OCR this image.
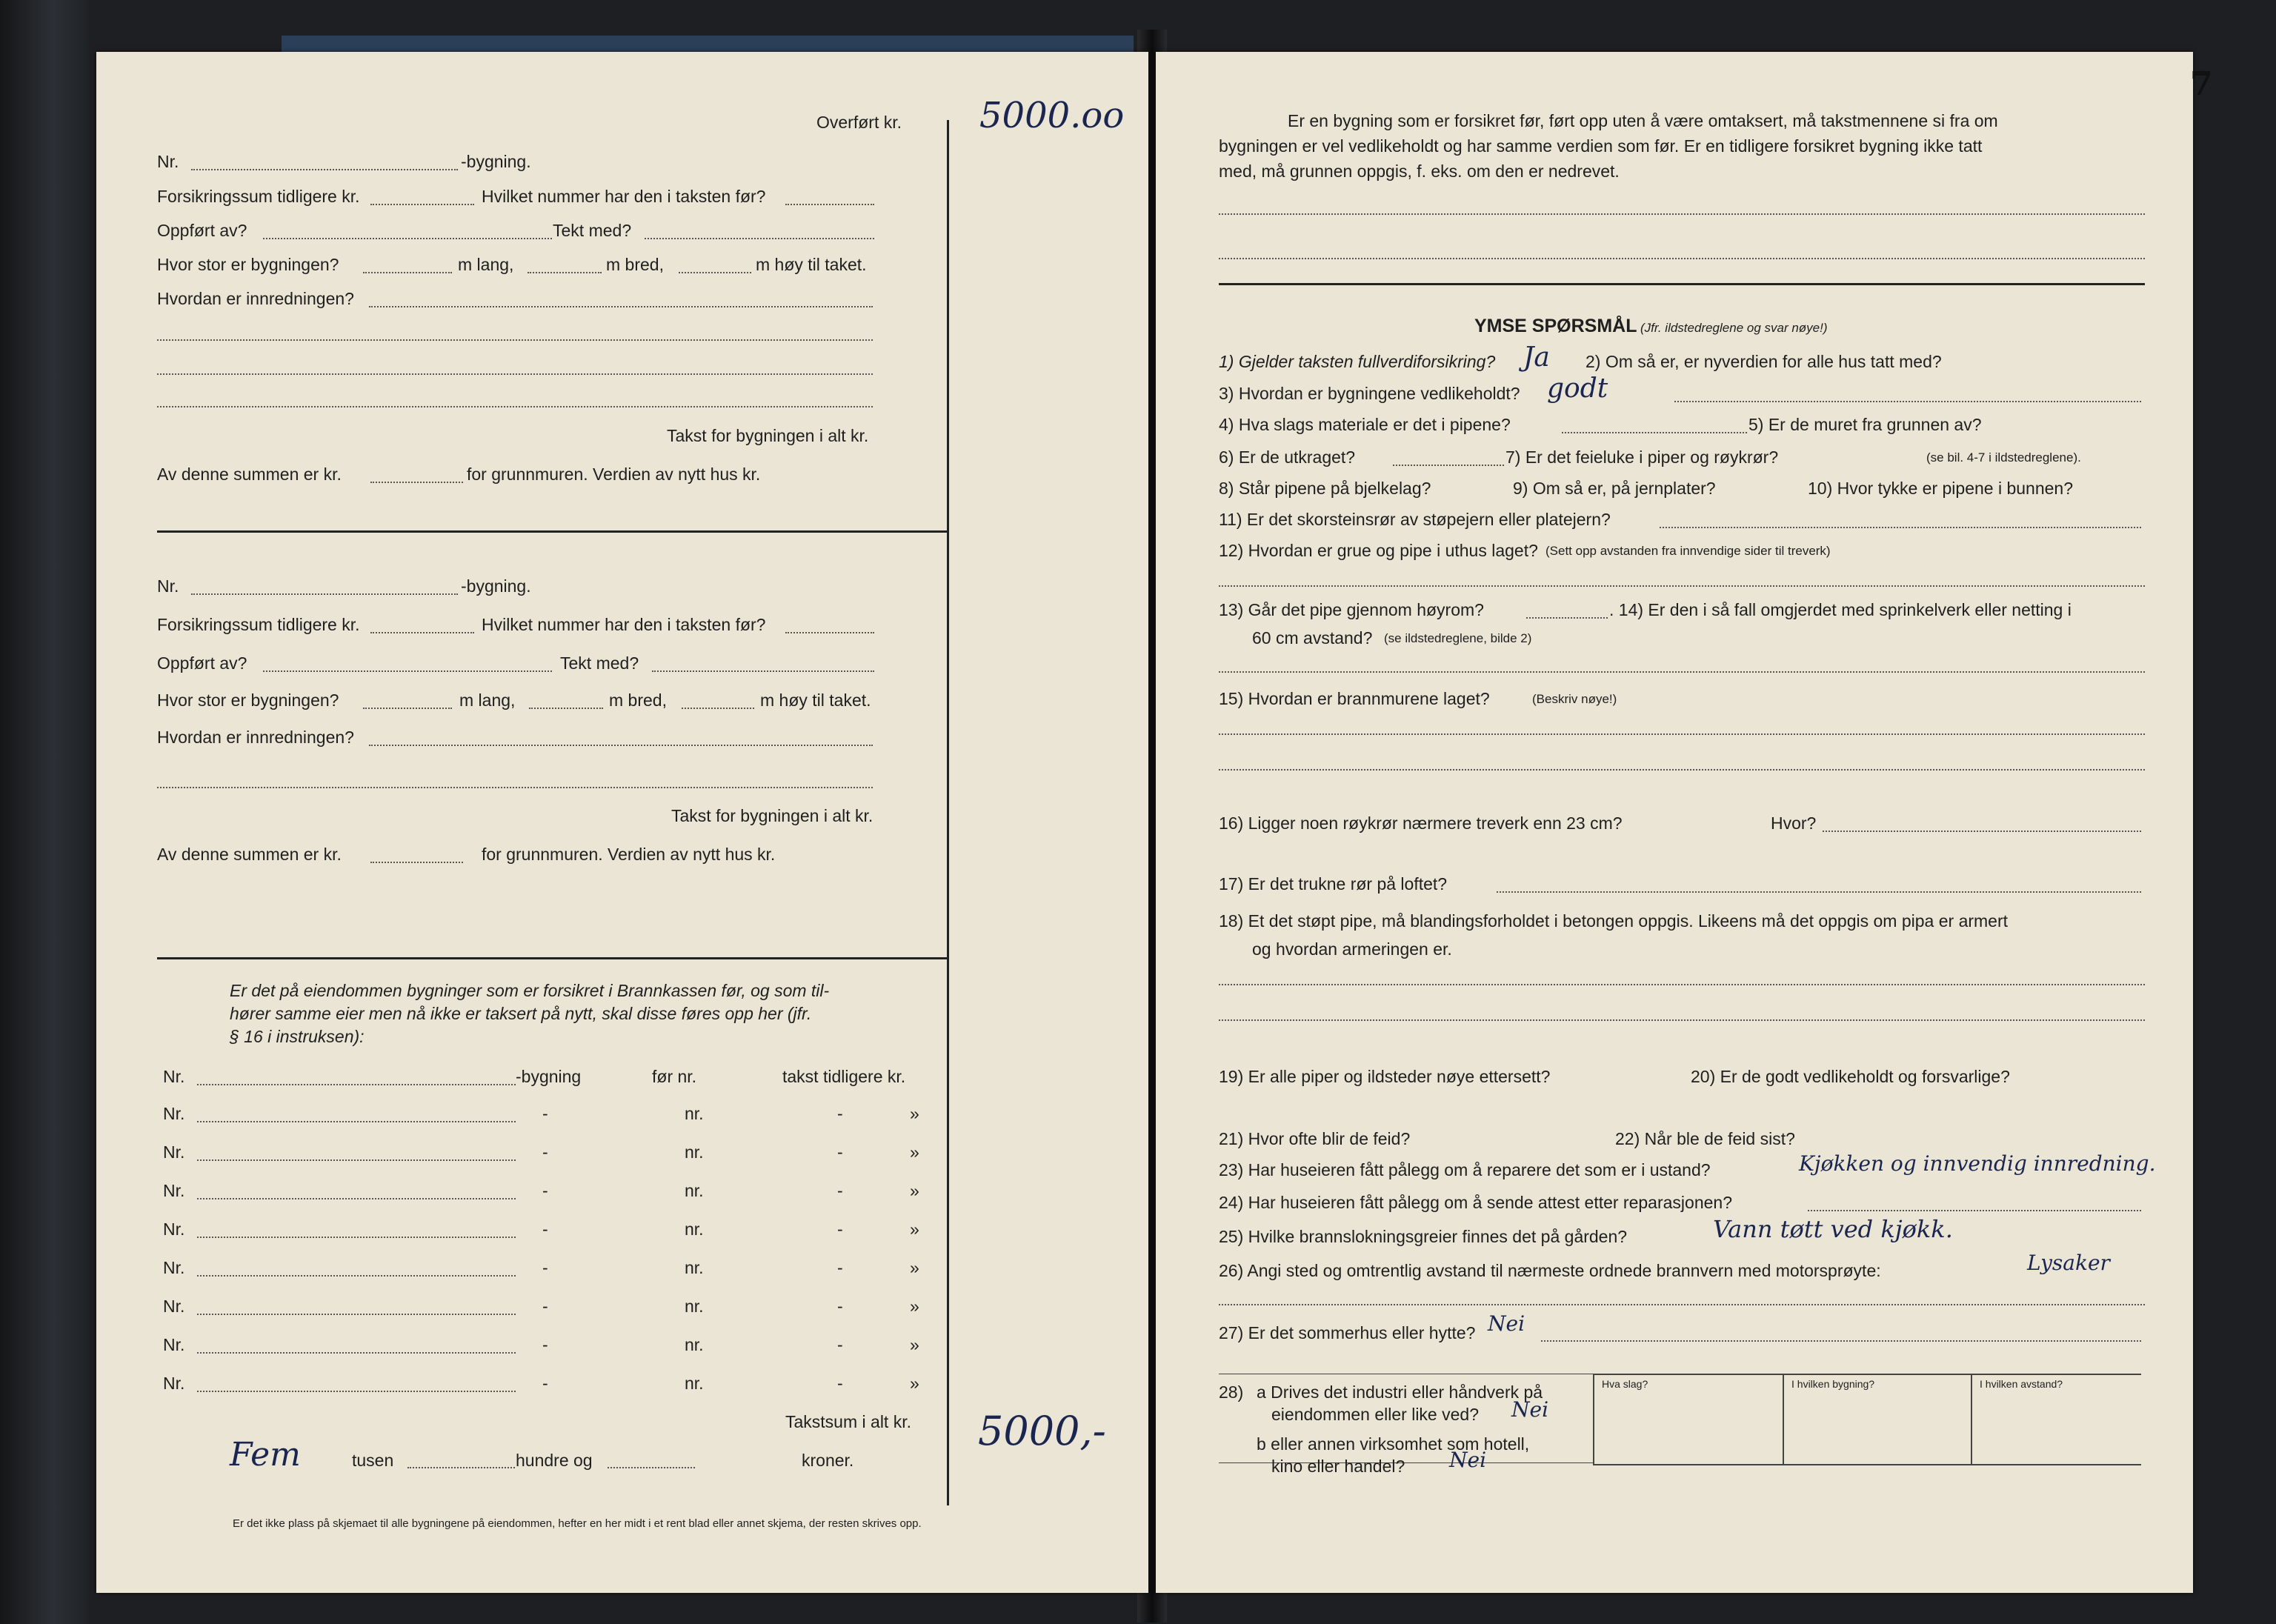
Overført kr. 5000.oo
Nr.	-bygning.
Forsikringssum tidligere kr.	Hvilket nummer har den i taksten før?
Oppført av?	Tekt med?
Hvor stor er bygningen?	m lang,	m bred,	m høy til taket.
Hvordan er innredningen?
Takst for bygningen i alt kr.
Av denne summen er kr.	for grunnmuren. Verdien av nytt hus kr.
Nr.	-bygning.
Forsikringssum tidligere kr.	Hvilket nummer har den i taksten før?
Oppført av?	Tekt med?
Hvor stor er bygningen?	m lang,	m bred,	m høy til taket.
Hvordan er innredningen?
Takst for bygningen i alt kr.
Av denne summen er kr.	for grunnmuren. Verdien av nytt hus kr.
Er det på eiendommen bygninger som er forsikret i Brannkassen før, og som til-
hører samme eier men nå ikke er taksert på nytt, skal disse føres opp her (jfr.
§ 16 i instruksen):
Nr.	-bygning	før nr.	takst tidligere kr.
Nr.	-	nr.	-	»
Nr.	-	nr.	-	»
Nr.	-	nr.	-	»
Nr.	-	nr.	-	»
Nr.	-	nr.	-	»
Nr.	-	nr.	-	»
Nr.	-	nr.	-	»
Nr.	-	nr.	-	»
Takstsum i alt kr. 5000,-
Fem	tusen	hundre og	kroner.
Er det ikke plass på skjemaet til alle bygningene på eiendommen, hefter en her midt i et rent blad eller annet skjema, der resten skrives opp.
7
Er en bygning som er forsikret før, ført opp uten å være omtaksert, må takstmennene si fra om
bygningen er vel vedlikeholdt og har samme verdien som før. Er en tidligere forsikret bygning ikke tatt
med, må grunnen oppgis, f. eks. om den er nedrevet.
YMSE SPØRSMÅL (Jfr. ildstedreglene og svar nøye!)
1) Gjelder taksten fullverdiforsikring? Ja 2) Om så er, er nyverdien for alle hus tatt med?
3) Hvordan er bygningene vedlikeholdt? godt
4) Hva slags materiale er det i pipene?	5) Er de muret fra grunnen av?
6) Er de utkraget?	7) Er det feieluke i piper og røykrør?	(se bil. 4-7 i ildstedreglene).
8) Står pipene på bjelkelag?	9) Om så er, på jernplater?	10) Hvor tykke er pipene i bunnen?
11) Er det skorsteinsrør av støpejern eller platejern?
12) Hvordan er grue og pipe i uthus laget? (Sett opp avstanden fra innvendige sider til treverk)
13) Går det pipe gjennom høyrom?	. 14) Er den i så fall omgjerdet med sprinkelverk eller netting i
60 cm avstand? (se ildstedreglene, bilde 2)
15) Hvordan er brannmurene laget?	(Beskriv nøye!)
16) Ligger noen røykrør nærmere treverk enn 23 cm?	Hvor?
17) Er det trukne rør på loftet?
18) Et det støpt pipe, må blandingsforholdet i betongen oppgis. Likeens må det oppgis om pipa er armert
og hvordan armeringen er.
19) Er alle piper og ildsteder nøye ettersett?	20) Er de godt vedlikeholdt og forsvarlige?
21) Hvor ofte blir de feid?	22) Når ble de feid sist?
23) Har huseieren fått pålegg om å reparere det som er i ustand?	Kjøkken og innvendig innredning.
24) Har huseieren fått pålegg om å sende attest etter reparasjonen?
25) Hvilke brannslokningsgreier finnes det på gården?	Vann tøtt ved kjøkk.
26) Angi sted og omtrentlig avstand til nærmeste ordnede brannvern med motorsprøyte:	Lysaker
27) Er det sommerhus eller hytte? Nei
28) a Drives det industri eller håndverk på
eiendommen eller like ved? Nei
b eller annen virksomhet som hotell,
kino eller handel? Nei
Hva slag?	I hvilken bygning?	I hvilken avstand?
